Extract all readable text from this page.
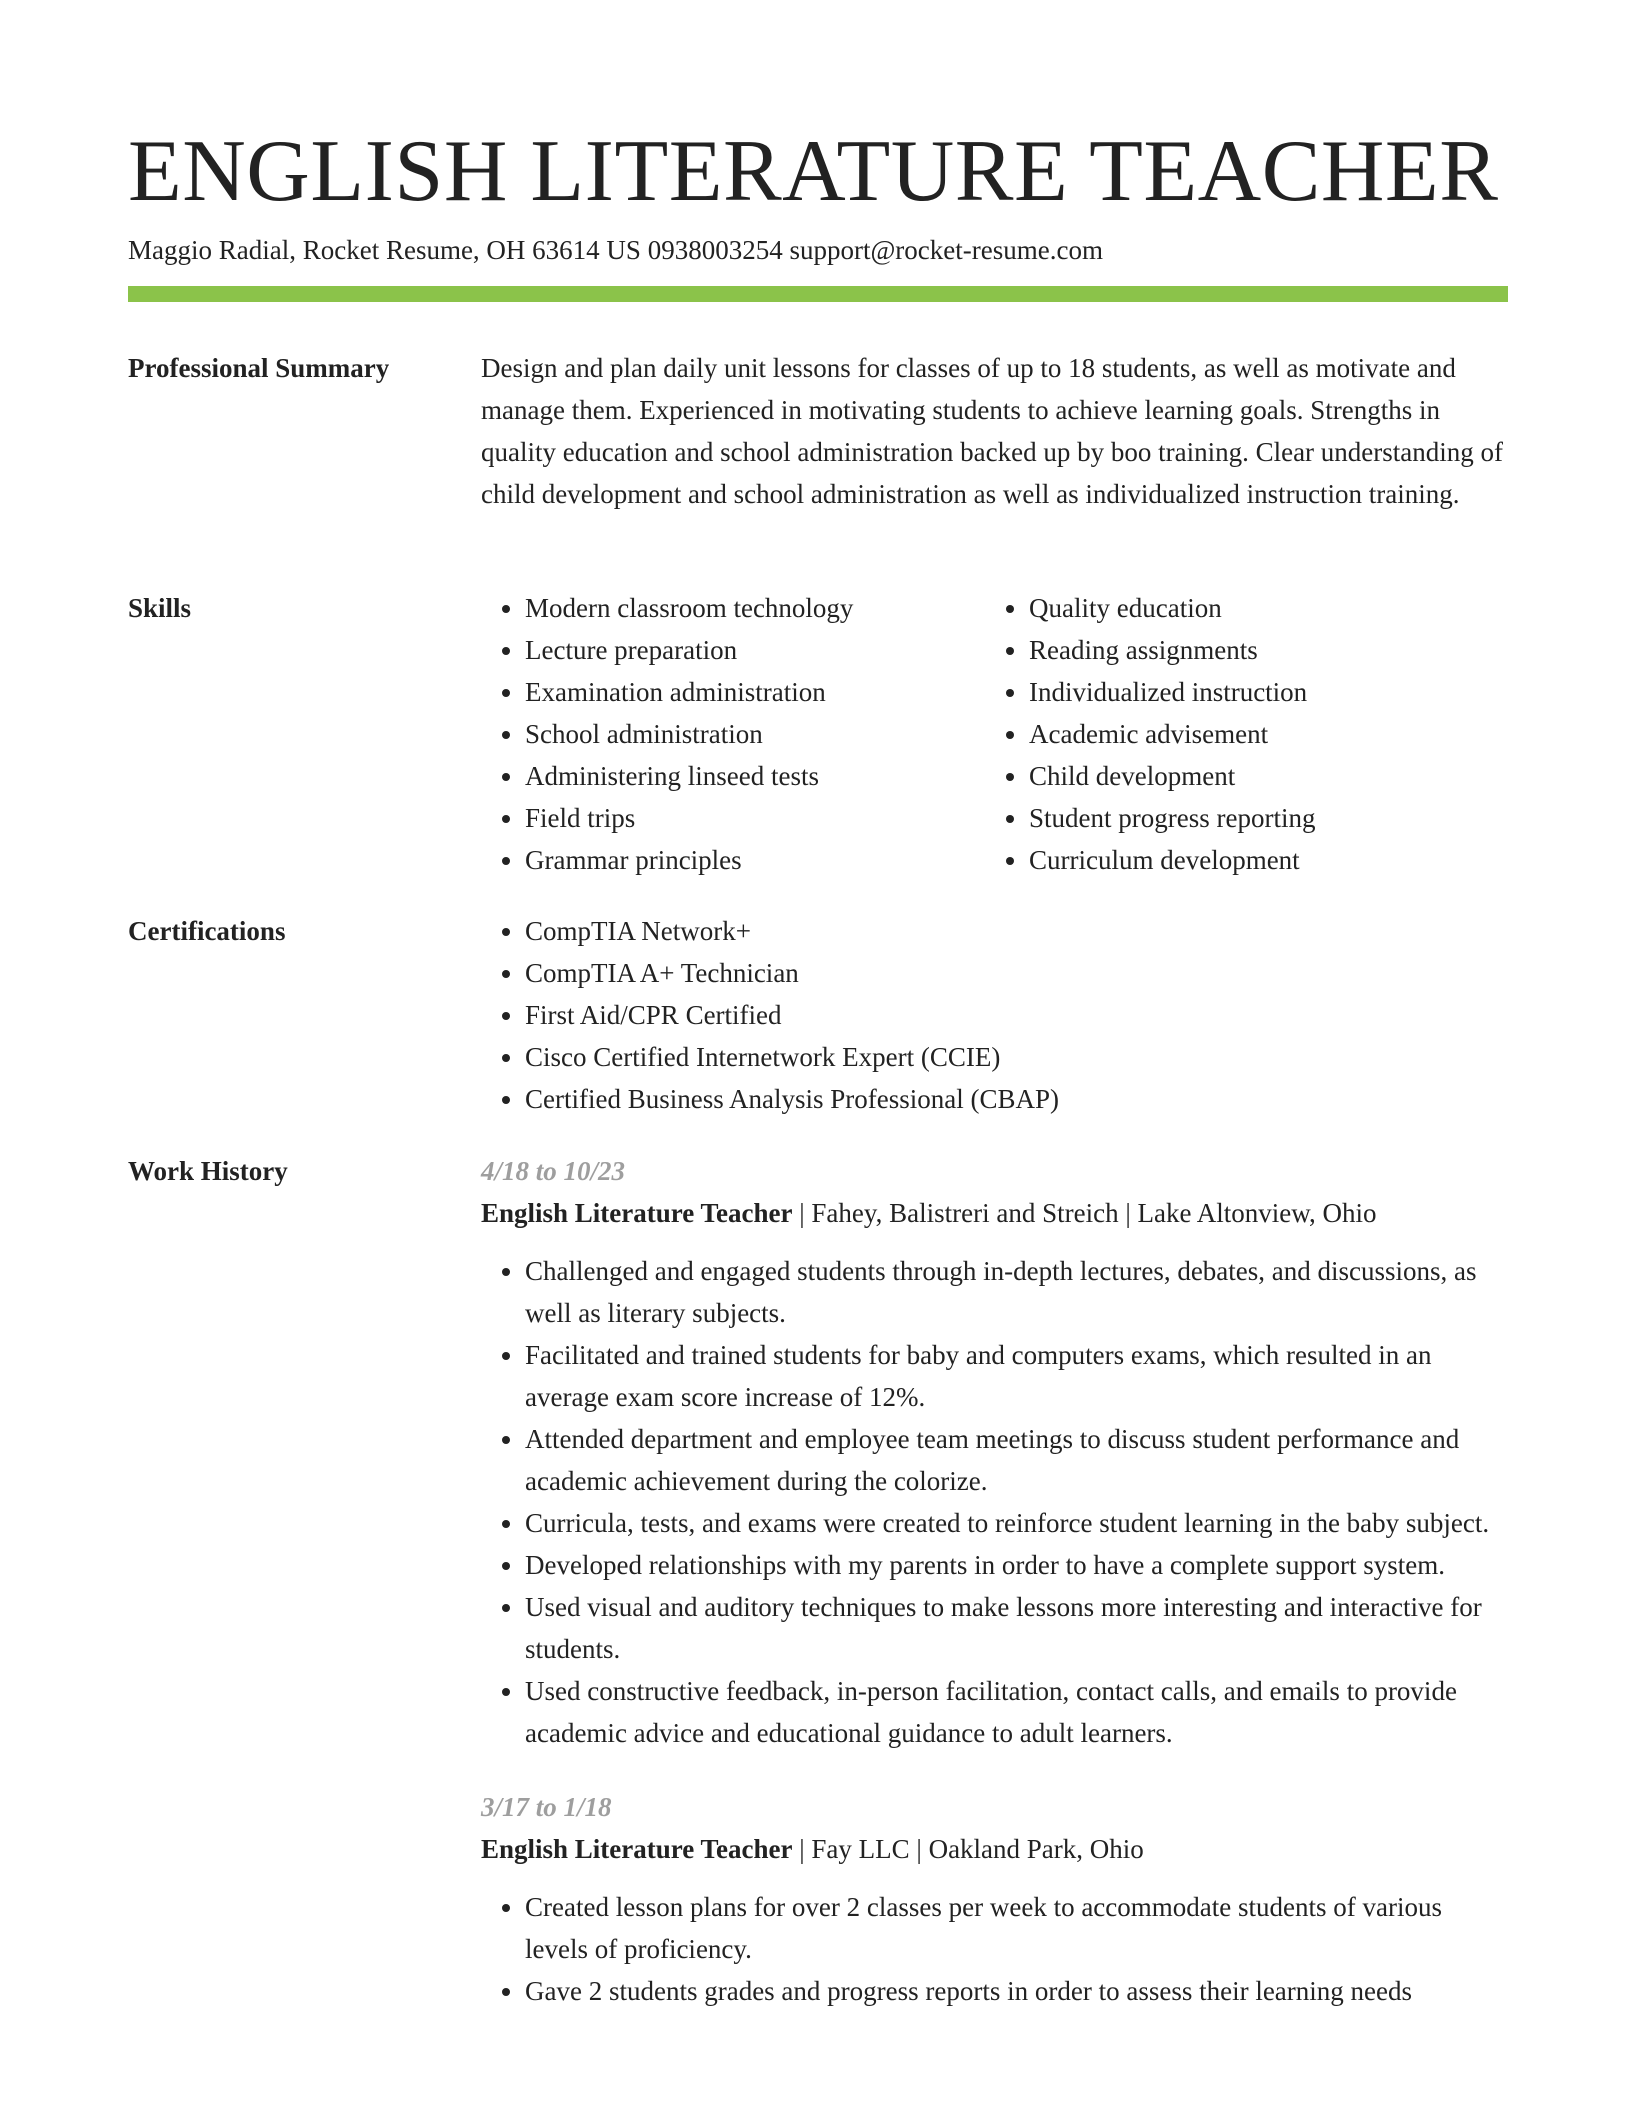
ENGLISH LITERATURE TEACHER
Maggio Radial, Rocket Resume, OH 63614 US 0938003254 support@rocket-resume.com
Professional Summary	Design and plan daily unit lessons for classes of up to 18 students, as well as motivate and manage them. Experienced in motivating students to achieve learning goals. Strengths in quality education and school administration backed up by boo training. Clear understanding of child development and school administration as well as individualized instruction training.

Skills	• Modern classroom technology
• Lecture preparation
• Examination administration
• School administration
• Administering linseed tests
• Field trips
• Grammar principles
• Quality education
• Reading assignments
• Individualized instruction
• Academic advisement
• Child development
• Student progress reporting
• Curriculum development
Certifications	• CompTIA Network+
• CompTIA A+ Technician
• First Aid/CPR Certified
• Cisco Certified Internetwork Expert (CCIE)
• Certified Business Analysis Professional (CBAP)
Work History	4/18 to 10/23
English Literature Teacher | Fahey, Balistreri and Streich | Lake Altonview, Ohio
• Challenged and engaged students through in-depth lectures, debates, and discussions, as well as literary subjects.
• Facilitated and trained students for baby and computers exams, which resulted in an average exam score increase of 12%.
• Attended department and employee team meetings to discuss student performance and academic achievement during the colorize.
• Curricula, tests, and exams were created to reinforce student learning in the baby subject.
• Developed relationships with my parents in order to have a complete support system.
• Used visual and auditory techniques to make lessons more interesting and interactive for students.
• Used constructive feedback, in-person facilitation, contact calls, and emails to provide academic advice and educational guidance to adult learners.
3/17 to 1/18
English Literature Teacher | Fay LLC | Oakland Park, Ohio
• Created lesson plans for over 2 classes per week to accommodate students of various levels of proficiency.
• Gave 2 students grades and progress reports in order to assess their learning needs
